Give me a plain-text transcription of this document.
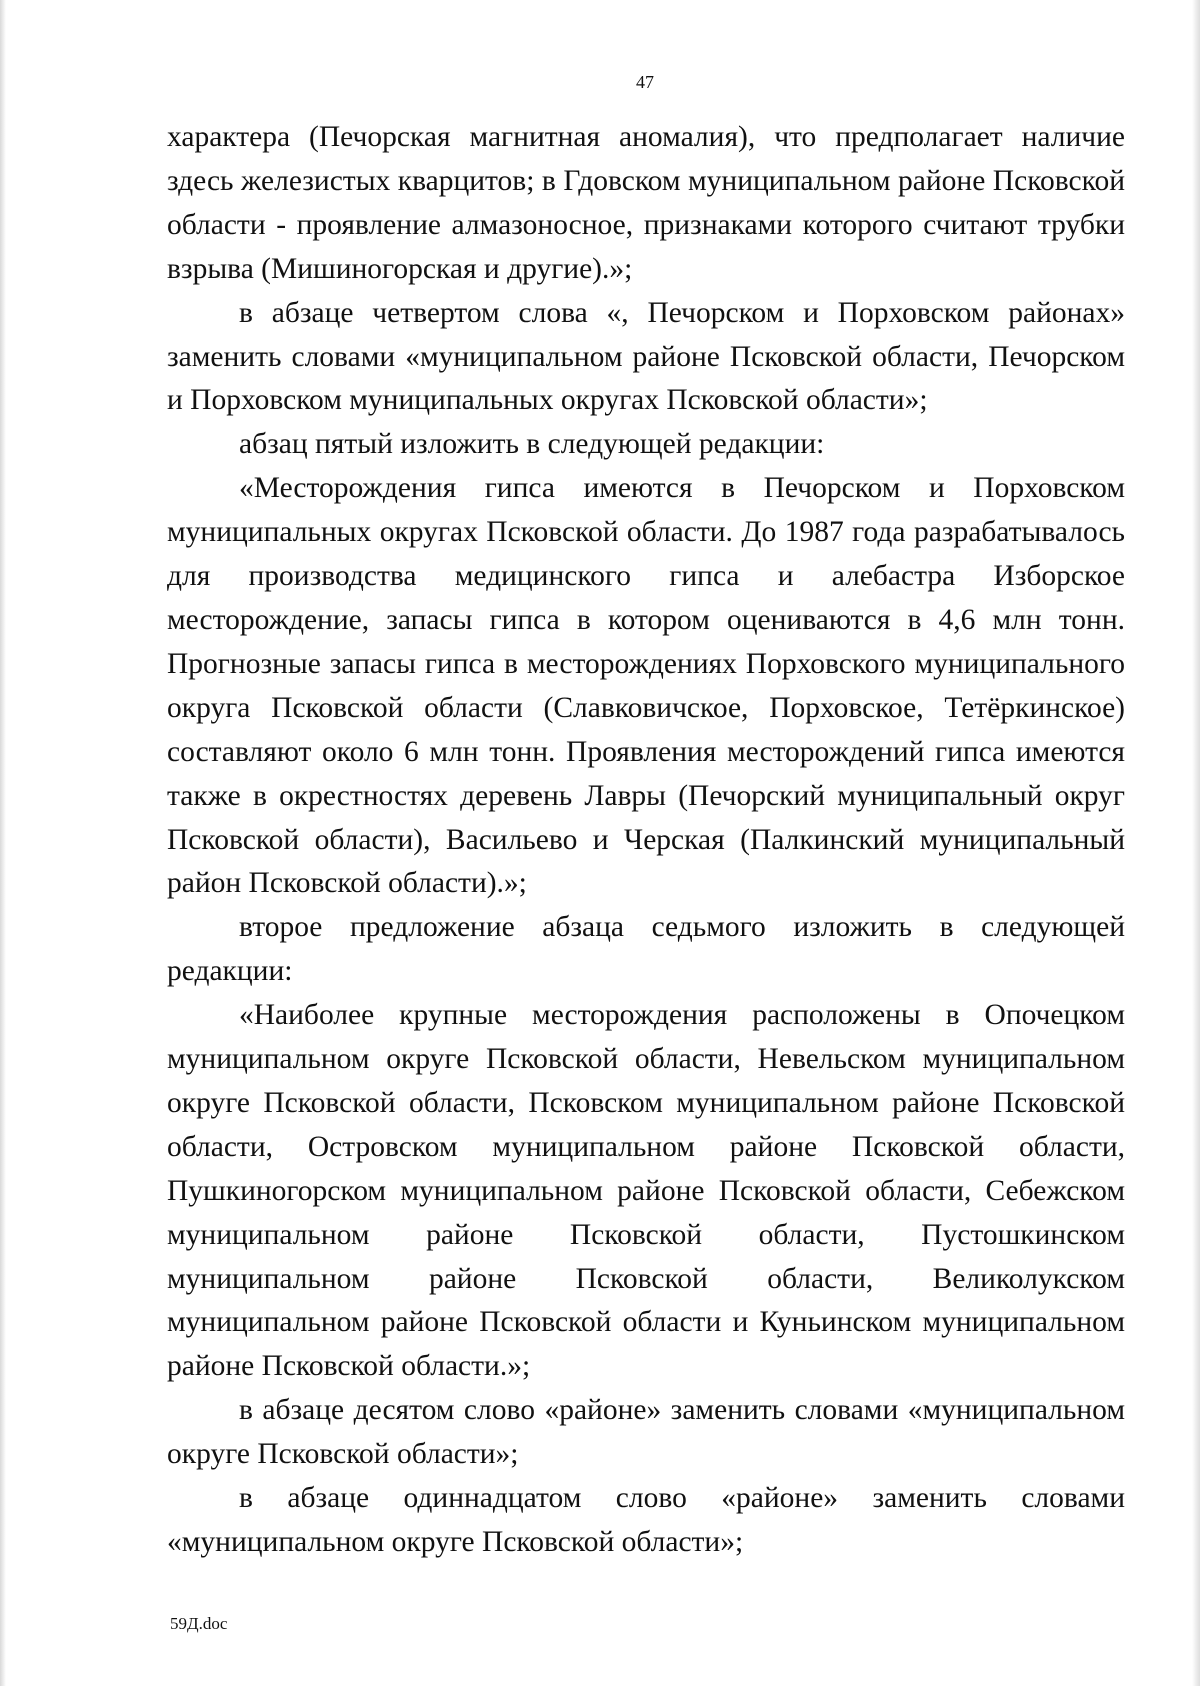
47

характера (Печорская магнитная аномалия), что предполагает наличие здесь железистых кварцитов; в Гдовском муниципальном районе Псковской области - проявление алмазоносное, признаками которого считают трубки взрыва (Мишиногорская и другие).»;

в абзаце четвертом слова «, Печорском и Порховском районах» заменить словами «муниципальном районе Псковской области, Печорском и Порховском муниципальных округах Псковской области»;

абзац пятый изложить в следующей редакции:

«Месторождения гипса имеются в Печорском и Порховском муниципальных округах Псковской области. До 1987 года разрабатывалось для производства медицинского гипса и алебастра Изборское месторождение, запасы гипса в котором оцениваются в 4,6 млн тонн. Прогнозные запасы гипса в месторождениях Порховского муниципального округа Псковской области (Славковичское, Порховское, Тетёркинское) составляют около 6 млн тонн. Проявления месторождений гипса имеются также в окрестностях деревень Лавры (Печорский муниципальный округ Псковской области), Васильево и Черская (Палкинский муниципальный район Псковской области).»;

второе предложение абзаца седьмого изложить в следующей редакции:

«Наиболее крупные месторождения расположены в Опочецком муниципальном округе Псковской области, Невельском муниципальном округе Псковской области, Псковском муниципальном районе Псковской области, Островском муниципальном районе Псковской области, Пушкиногорском муниципальном районе Псковской области, Себежском муниципальном районе Псковской области, Пустошкинском муниципальном районе Псковской области, Великолукском муниципальном районе Псковской области и Куньинском муниципальном районе Псковской области.»;

в абзаце десятом слово «районе» заменить словами «муниципальном округе Псковской области»;

в абзаце одиннадцатом слово «районе» заменить словами «муниципальном округе Псковской области»;

59Д.doc
